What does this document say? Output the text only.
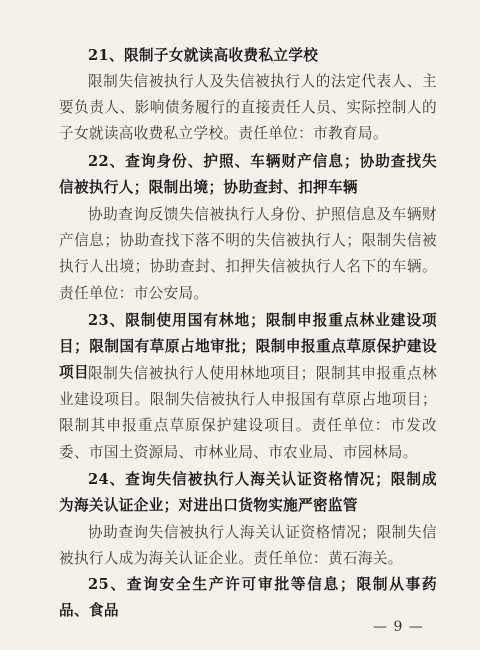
21、限制子女就读高收费私立学校

限制失信被执行人及失信被执行人的法定代表人、主要负责人、影响债务履行的直接责任人员、实际控制人的子女就读高收费私立学校。责任单位：市教育局。

22、查询身份、护照、车辆财产信息；协助查找失信被执行人；限制出境；协助查封、扣押车辆

协助查询反馈失信被执行人身份、护照信息及车辆财产信息；协助查找下落不明的失信被执行人；限制失信被执行人出境；协助查封、扣押失信被执行人名下的车辆。责任单位：市公安局。

23、限制使用国有林地；限制申报重点林业建设项目；限制国有草原占地审批；限制申报重点草原保护建设项目 限制失信被执行人使用林地项目；限制其申报重点林业建设项目。限制失信被执行人申报国有草原占地项目；限制其申报重点草原保护建设项目。责任单位：市发改委、市国土资源局、市林业局、市农业局、市园林局。

24、查询失信被执行人海关认证资格情况；限制成为海关认证企业；对进出口货物实施严密监管

协助查询失信被执行人海关认证资格情况；限制失信被执行人成为海关认证企业。责任单位：黄石海关。

25、查询安全生产许可审批等信息；限制从事药品、食品

— 9 —
